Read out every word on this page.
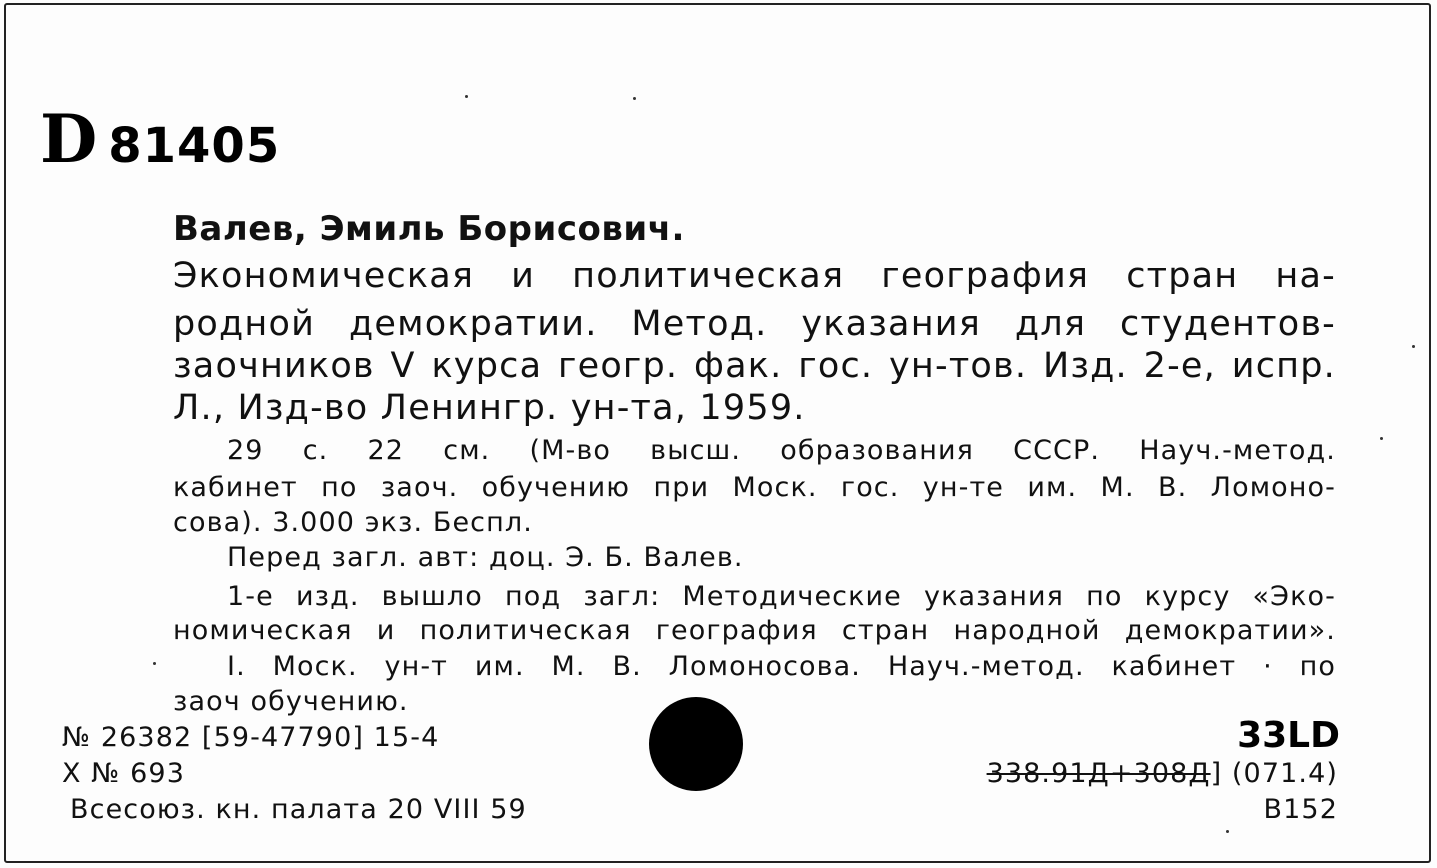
D 81405
Валев, Эмиль Борисович.
Экономическая и политическая география стран на-
родной демократии. Метод. указания для студентов-
заочников V курса геогр. фак. гос. ун-тов. Изд. 2-е, испр.
Л., Изд-во Ленингр. ун-та, 1959.
29 с. 22 см. (М-во высш. образования СССР. Науч.-метод.
кабинет по заоч. обучению при Моск. гос. ун-те им. М. В. Ломоно-
сова). 3.000 экз. Беспл.
Перед загл. авт: доц. Э. Б. Валев.
1-е изд. вышло под загл: Методические указания по курсу «Эко-
номическая и политическая география стран народной демократии».
I. Моск. ун-т им. М. В. Ломоносова. Науч.-метод. кабинет · по
заоч обучению.
№ 26382 [59-47790] 15-4
X № 693
Всесоюз. кн. палата 20 VIII 59
33LD
338.91Д+308Д] (071.4)
B152
